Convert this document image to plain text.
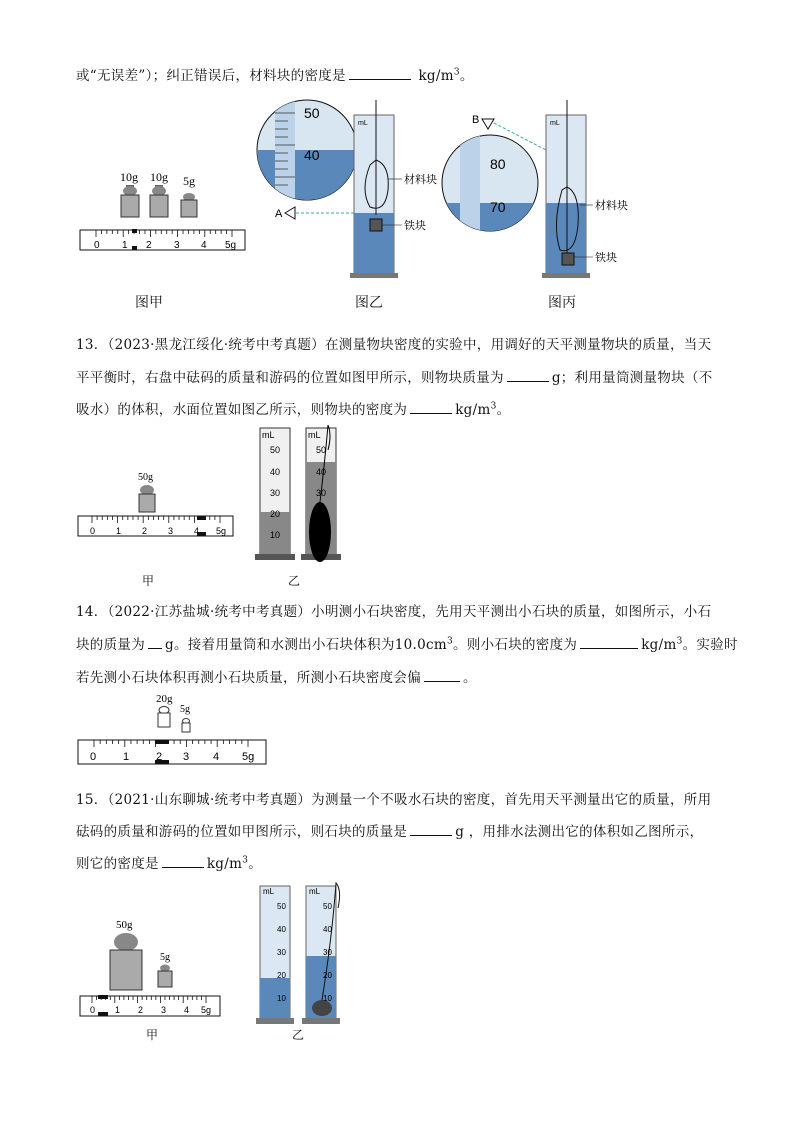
或“无误差”）；纠正错误后，材料块的密度是	$kg/m^3$。
10g 10g 5g
0 1 2 3 4 5g
50
40
A
mL
材料块
铁块
80
70
B	mL
材料块
铁块
图甲	图乙	图丙
13．（2023·黑龙江绥化·统考中考真题）在测量物块密度的实验中，用调好的天平测量物块的质量，当天
平平衡时，右盘中砝码的质量和游码的位置如图甲所示，则物块质量为	g；利用量筒测量物块（不
吸水）的体积，水面位置如图乙所示，则物块的密度为	$kg/m^3$。
50g
0 1 2 3 4 5g
mL	mL
50
40
30
20
10
50
40
30
甲	乙
14．（2022·江苏盐城·统考中考真题）小明测小石块密度，先用天平测出小石块的质量，如图所示，小石
块的质量为 g。接着用量筒和水测出小石块体积为$10.0cm^3$。则小石块的密度为	$kg/m^3$。实验时
若先测小石块体积再测小石块质量，所测小石块密度会偏	。
20g
5g
0 1 2 3 4 5g
15．（2021·山东聊城·统考中考真题）为测量一个不吸水石块的密度，首先用天平测量出它的质量，所用
砝码的质量和游码的位置如甲图所示，则石块的质量是	g ，用排水法测出它的体积如乙图所示，
则它的密度是	$kg/m^3$。
50g
5g
0 1 2 3 4 5g
mL	mL
50
40
30
20
10
50
40
30
20
10
甲	乙
